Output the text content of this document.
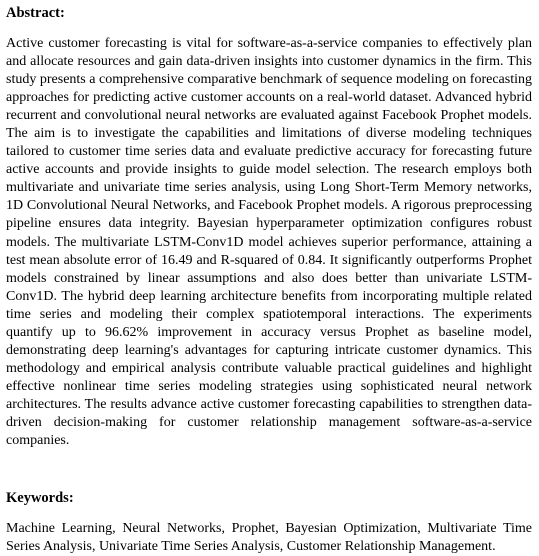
Abstract:

Active customer forecasting is vital for software-as-a-service companies to effectively plan and allocate resources and gain data-driven insights into customer dynamics in the firm. This study presents a comprehensive comparative benchmark of sequence modeling on forecasting approaches for predicting active customer accounts on a real-world dataset. Advanced hybrid recurrent and convolutional neural networks are evaluated against Facebook Prophet models. The aim is to investigate the capabilities and limitations of diverse modeling techniques tailored to customer time series data and evaluate predictive accuracy for forecasting future active accounts and provide insights to guide model selection. The research employs both multivariate and univariate time series analysis, using Long Short-Term Memory networks, 1D Convolutional Neural Networks, and Facebook Prophet models. A rigorous preprocessing pipeline ensures data integrity. Bayesian hyperparameter optimization configures robust models. The multivariate LSTM-Conv1D model achieves superior performance, attaining a test mean absolute error of 16.49 and R-squared of 0.84. It significantly outperforms Prophet models constrained by linear assumptions and also does better than univariate LSTM-Conv1D. The hybrid deep learning architecture benefits from incorporating multiple related time series and modeling their complex spatiotemporal interactions. The experiments quantify up to 96.62% improvement in accuracy versus Prophet as baseline model, demonstrating deep learning's advantages for capturing intricate customer dynamics. This methodology and empirical analysis contribute valuable practical guidelines and highlight effective nonlinear time series modeling strategies using sophisticated neural network architectures. The results advance active customer forecasting capabilities to strengthen data-driven decision-making for customer relationship management software-as-a-service companies.

Keywords:

Machine Learning, Neural Networks, Prophet, Bayesian Optimization, Multivariate Time Series Analysis, Univariate Time Series Analysis, Customer Relationship Management.
